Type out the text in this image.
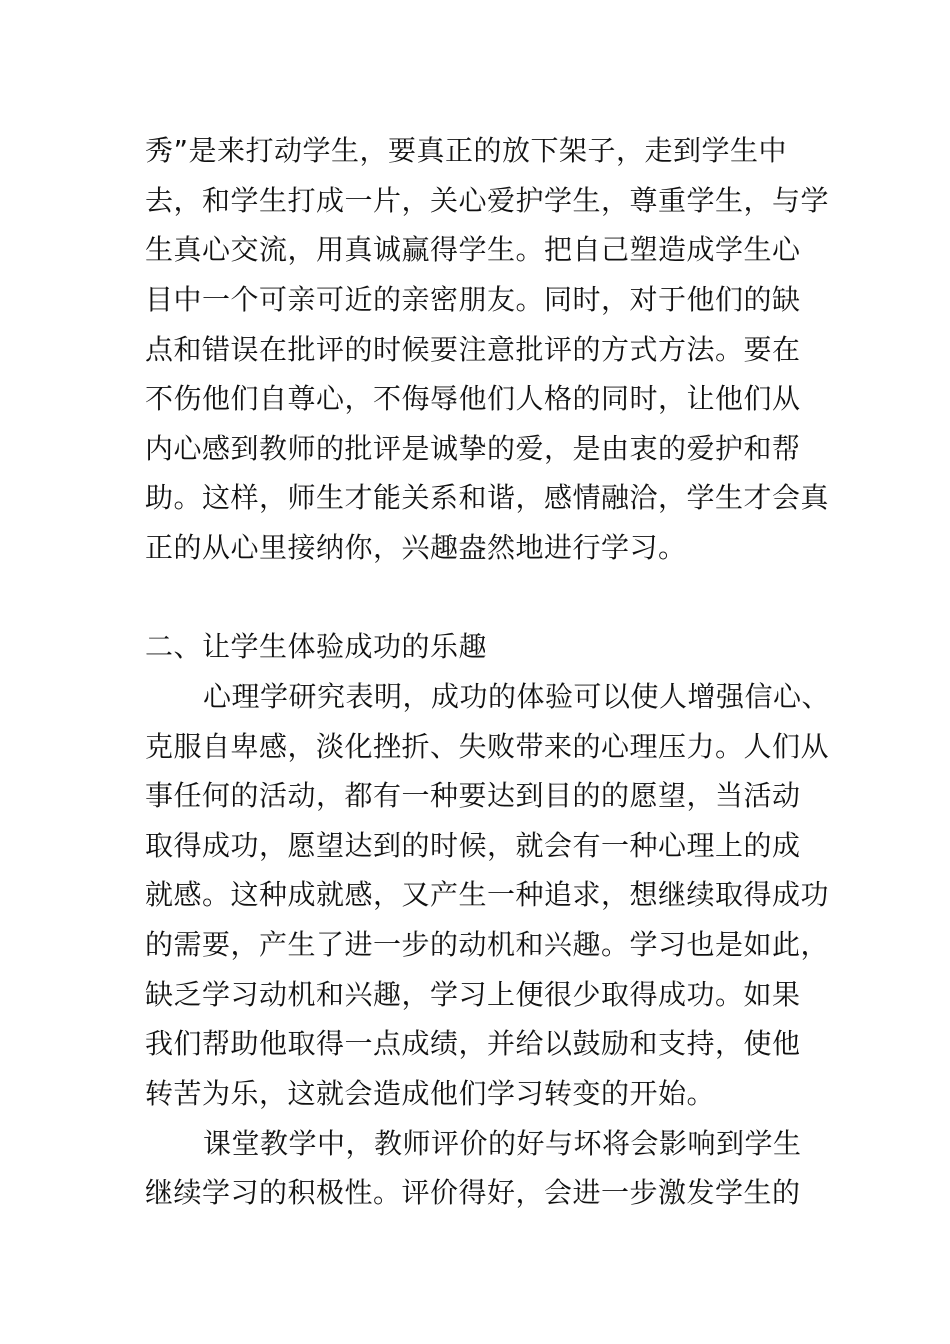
秀”是来打动学生，要真正的放下架子，走到学生中
去，和学生打成一片，关心爱护学生，尊重学生，与学
生真心交流，用真诚赢得学生。把自己塑造成学生心
目中一个可亲可近的亲密朋友。同时，对于他们的缺
点和错误在批评的时候要注意批评的方式方法。要在
不伤他们自尊心，不侮辱他们人格的同时，让他们从
内心感到教师的批评是诚挚的爱，是由衷的爱护和帮
助。这样，师生才能关系和谐，感情融洽，学生才会真
正的从心里接纳你，兴趣盎然地进行学习。
二、让学生体验成功的乐趣
心理学研究表明，成功的体验可以使人增强信心、
克服自卑感，淡化挫折、失败带来的心理压力。人们从
事任何的活动，都有一种要达到目的的愿望，当活动
取得成功，愿望达到的时候，就会有一种心理上的成
就感。这种成就感，又产生一种追求，想继续取得成功
的需要，产生了进一步的动机和兴趣。学习也是如此，
缺乏学习动机和兴趣，学习上便很少取得成功。如果
我们帮助他取得一点成绩，并给以鼓励和支持，使他
转苦为乐，这就会造成他们学习转变的开始。
课堂教学中，教师评价的好与坏将会影响到学生
继续学习的积极性。评价得好，会进一步激发学生的
